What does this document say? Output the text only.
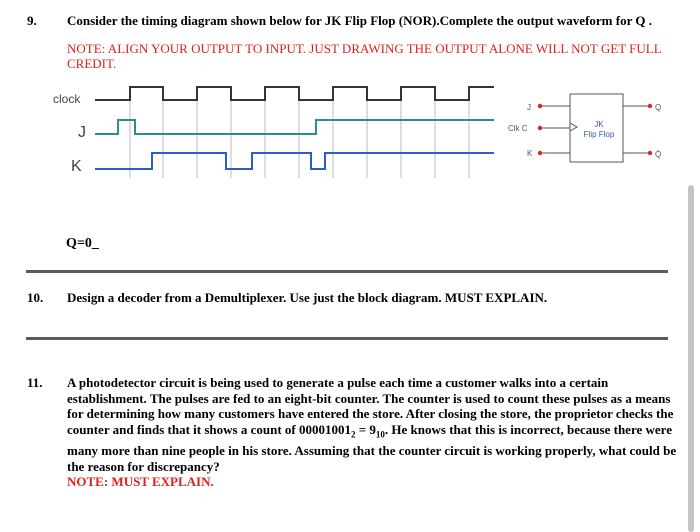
9. Consider the timing diagram shown below for JK Flip Flop (NOR).Complete the output waveform for Q .
NOTE: ALIGN YOUR OUTPUT TO INPUT. JUST DRAWING THE OUTPUT ALONE WILL NOT GET FULL CREDIT.
clock
J
K
J
Clk C
K
Q
Q̄
JK
Flip Flop
Q=0_
10. Design a decoder from a Demultiplexer. Use just the block diagram. MUST EXPLAIN.
11. A photodetector circuit is being used to generate a pulse each time a customer walks into a certain establishment. The pulses are fed to an eight-bit counter. The counter is used to count these pulses as a means for determining how many customers have entered the store. After closing the store, the proprietor checks the counter and finds that it shows a count of $00001001_2 = 9_{10}$. He knows that this is incorrect, because there were many more than nine people in his store. Assuming that the counter circuit is working properly, what could be the reason for discrepancy?
NOTE: MUST EXPLAIN.
